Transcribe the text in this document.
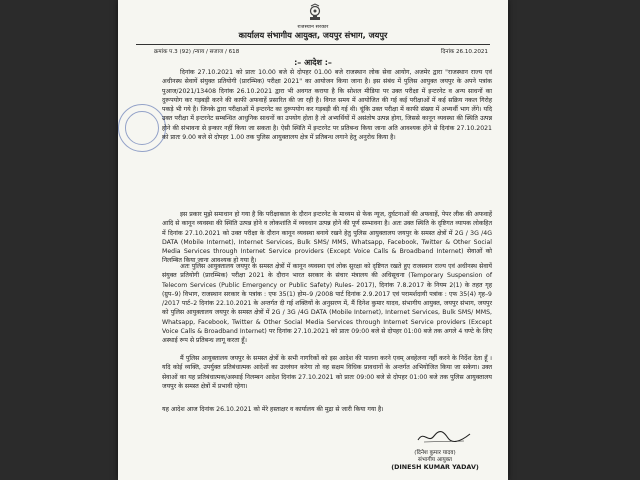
राजस्थान सरकार
कार्यालय संभागीय आयुक्त, जयपुर संभाग, जयपुर
क्रमांक प.3 (92) /न्याय / सजाज / 618	दिनांक 26.10.2021
:– आदेश :–
दिनांक 27.10.2021 को प्रातः 10.00 बजे से दोपहर 01.00 बजे राजस्थान लोक सेवा आयोग, अजमेर द्वारा "राजस्थान राज्य एवं अधीनस्थ सेवायें संयुक्त प्रतियोगी (प्रारम्भिक) परीक्षा 2021" का आयोजन किया जाना है। इस संबंध में पुलिस आयुक्त जयपुर के अपने पत्रांक पुआज/2021/13408 दिनांक 26.10.2021 द्वारा भी अवगत कराया है कि सोशल मीडिया पर उक्त परीक्षा में इन्टरनेट व अन्य साधनों का दुरूपयोग कर गड़बड़ी करने की काफी अफवाहें प्रसारित की जा रही है। विगत समय में आयोजित की गई कई परीक्षाओं में कई सक्रिय नकल गिरोह पकड़े भी गये है। जिनके द्वारा परीक्षाओं में इन्टरनेट का दुरूपयोग कर गड़बड़ी की गई थी। चूंकि उक्त परीक्षा में काफी संख्या में अभ्यर्थी भाग लेंगे। यदि उक्त परीक्षा में इन्टरनेट सम्बन्धित आधुनिक साधनों का उपयोग होता है तो अभ्यर्थियों में असंतोष उत्पन्न होगा, जिससे कानून व्यवस्था की स्थिति उत्पन्न होने की संभावना से इन्कार नहीं किया जा सकता है। ऐसी स्थिति में इन्टरनेट पर प्रतिबन्ध किया जाना अति आवश्यक होने से दिनांक 27.10.2021 को प्रातः 9.00 बजे से दोपहर 1.00 तक पुलिस आयुक्तालय क्षेत्र में प्रतिबन्ध लगाने हेतु अनुरोध किया है।
इस प्रकार मुझे समाधान हो गया है कि परीक्षाकाल के दौरान इन्टरनेट के माध्यम से फेक न्यूज, दुर्घटनाओं की अफवाहें, पेपर लीक की अफवाहें आदि से कानून व्यवस्था की स्थिति उत्पन्न होने व लोकशांति में व्यवधान उत्पन्न होने की पूर्ण सम्भावना है। अतः उक्त स्थिति के दृष्टिगत व्यापक लोकहित में दिनांक 27.10.2021 को उक्त परीक्षा के दौरान कानून व्यवस्था बनाये रखने हेतु पुलिस आयुक्तालय जयपुर के समस्त क्षेत्रों में 2G / 3G /4G DATA (Mobile Internet), Internet Services, Bulk SMS/ MMS, Whatsapp, Facebook, Twitter & Other Social Media Services through Internet Service providers (Except Voice Calls & Broadband Internet) सेवाओं को निलम्बित किया जाना आवश्यक हो गया है।
अतः पुलिस आयुक्तालय जयपुर के समस्त क्षेत्रों में कानून व्यवस्था एवं लोक सुरक्षा को दृष्टिगत रखते हुए राजस्थान राज्य एवं अधीनस्थ सेवायें संयुक्त प्रतियोगी (प्रारम्भिक) परीक्षा 2021 के दौरान भारत सरकार के संचार मंत्रालय की अधिसूचना (Temporary Suspension of Telecom Services (Public Emergency or Public Safety) Rules- 2017), दिनांक 7.8.2017 के नियम 2(1) के तहत गृह (ग्रुप–9) विभाग, राजस्थान सरकार के पत्रांक : एफ 35(1) होम–9 /2008 पार्ट दिनांक 2.9.2017 एवं परामर्शदायी पत्रांक : एफ 35(4) गृह–9 /2017 पार्ट–2 दिनांक 22.10.2021 के अन्तर्गत दी गई शक्तियों के अनुसरण में, मैं दिनेश कुमार यादव, संभागीय आयुक्त, जयपुर संभाग, जयपुर को पुलिस आयुक्तालय जयपुर के समस्त क्षेत्रों में 2G / 3G /4G DATA (Mobile Internet), Internet Services, Bulk SMS/ MMS, Whatsapp, Facebook, Twitter & Other Social Media Services through Internet Service providers (Except Voice Calls & Broadband Internet) पर दिनांक 27.10.2021 को प्रातः 09:00 बजे से दोपहर 01:00 बजे तक अगले 4 घण्टे के लिए अस्थाई रूप से प्रतिबन्ध लागू करता हूँ।
मैं पुलिस आयुक्तालय जयपुर के समस्त क्षेत्रों के सभी नागरिकों को इस आदेश की पालना करने एवम् अवहेलना नहीं करने के निर्देश देता हूँ । यदि कोई व्यक्ति, उपर्युक्त प्रतिबंधात्मक आदेशों का उल्लंघन करेगा तो वह सक्षम विधिक प्रावधानों के अन्तर्गत अभियोजित किया जा सकेगा। उक्त सेवाओं का यह प्रतिबंधात्मक/अस्थाई निलम्बन आदेश दिनांक 27.10.2021 को प्रातः 09:00 बजे से दोपहर 01:00 बजे तक पुलिस आयुक्तालय जयपुर के समस्त क्षेत्रों में प्रभावी रहेगा।
यह आदेश आज दिनांक 26.10.2021 को मेरे हस्ताक्षर व कार्यालय की मुद्रा से जारी किया गया है।
(दिनेश कुमार यादव)
संभागीय आयुक्त
(DINESH KUMAR YADAV)
